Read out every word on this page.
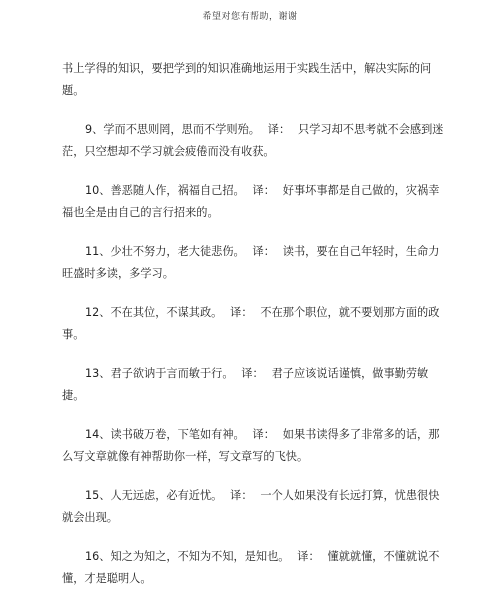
希望对您有帮助，谢谢

书上学得的知识，要把学到的知识准确地运用于实践生活中，解决实际的问题。

9、学而不思则罔，思而不学则殆。 译： 只学习却不思考就不会感到迷茫，只空想却不学习就会疲倦而没有收获。

10、善恶随人作，祸福自己招。 译： 好事坏事都是自己做的，灾祸幸福也全是由自己的言行招来的。

11、少壮不努力，老大徒悲伤。 译： 读书，要在自己年轻时，生命力旺盛时多读，多学习。

12、不在其位，不谋其政。 译： 不在那个职位，就不要划那方面的政事。

13、君子欲讷于言而敏于行。 译： 君子应该说话谨慎，做事勤劳敏捷。

14、读书破万卷，下笔如有神。 译： 如果书读得多了非常多的话，那么写文章就像有神帮助你一样，写文章写的飞快。

15、人无远虑，必有近忧。 译： 一个人如果没有长远打算，忧患很快就会出现。

16、知之为知之，不知为不知，是知也。 译： 懂就就懂，不懂就说不懂，才是聪明人。
